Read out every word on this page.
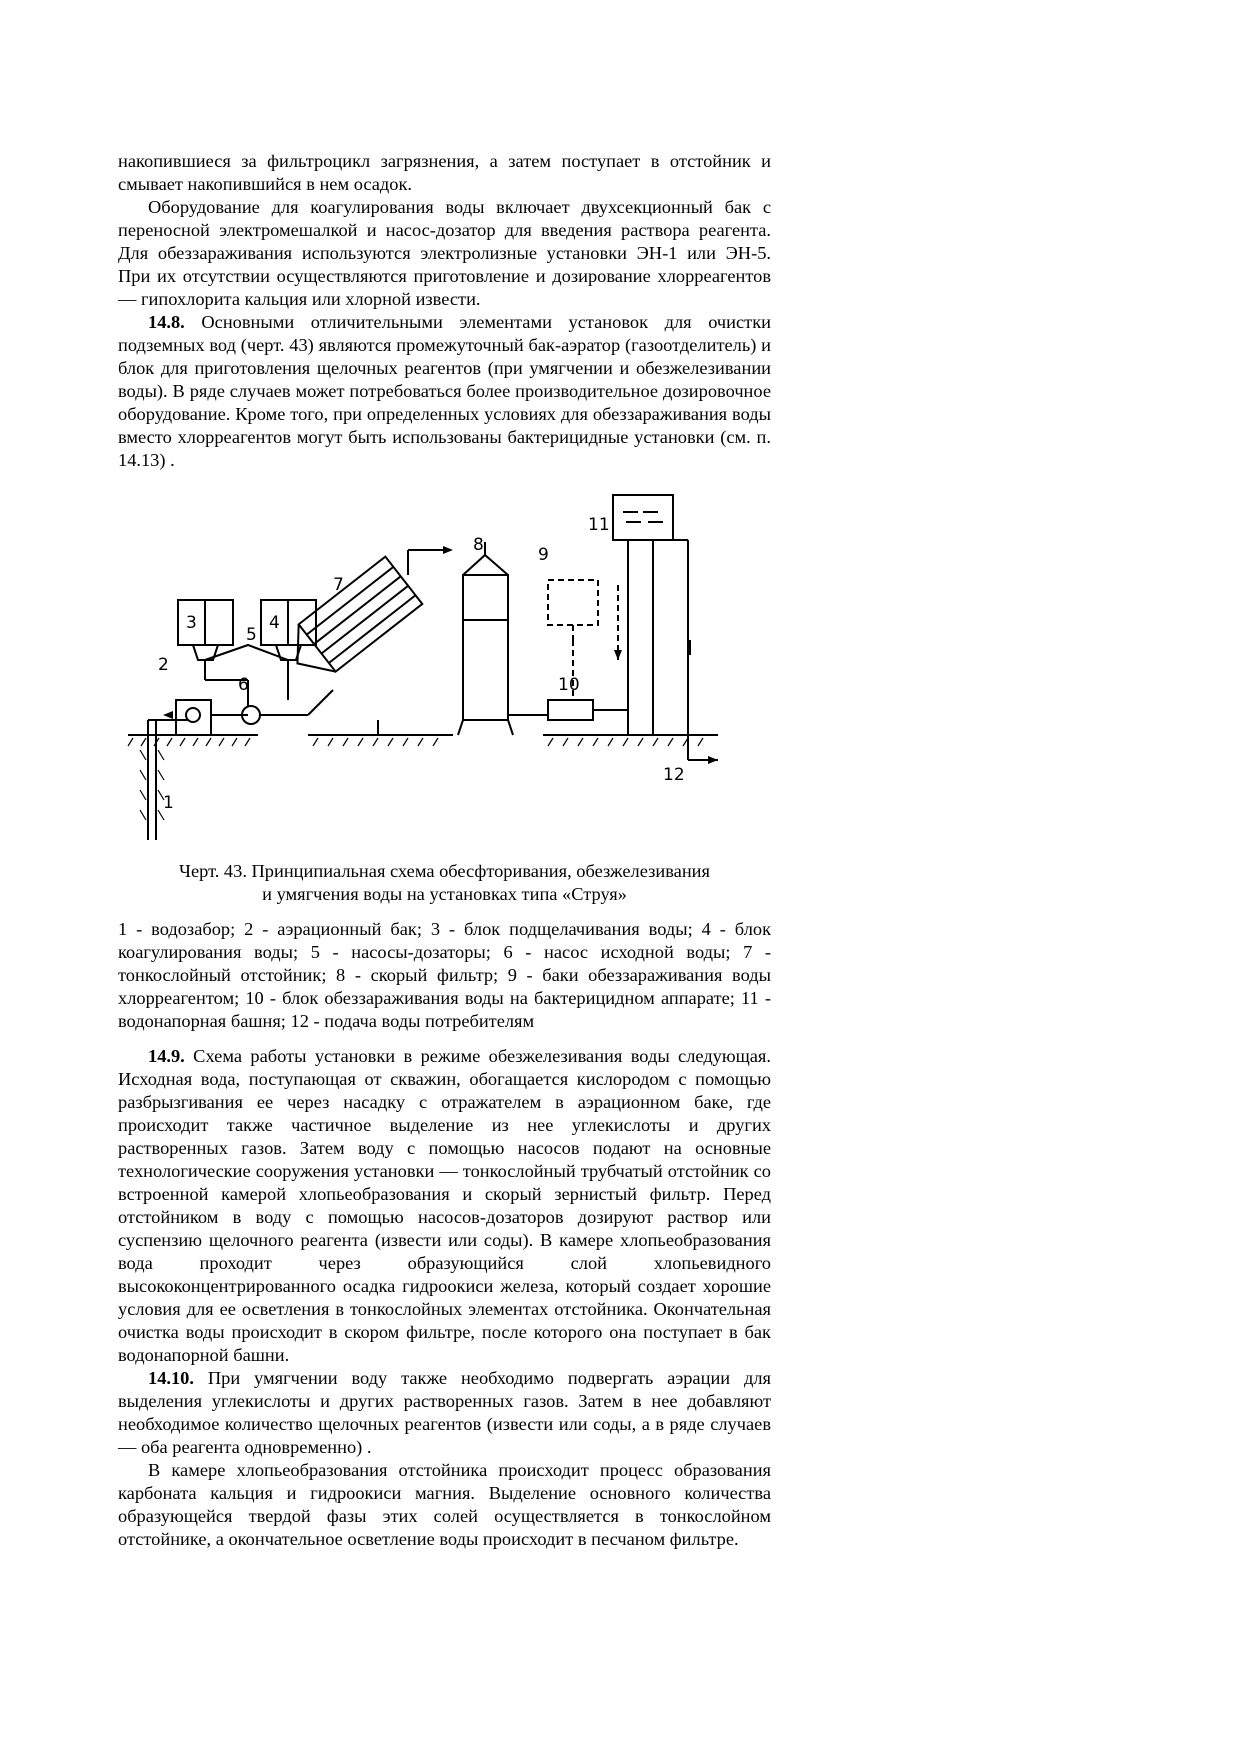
накопившиеся за фильтроцикл загрязнения, а затем поступает в отстойник и смывает накопившийся в нем осадок.

Оборудование для коагулирования воды включает двухсекционный бак с переносной электромешалкой и насос-дозатор для введения раствора реагента. Для обеззараживания используются электролизные установки ЭН-1 или ЭН-5. При их отсутствии осуществляются приготовление и дозирование хлорреагентов — гипохлорита кальция или хлорной извести.

14.8. Основными отличительными элементами установок для очистки подземных вод (черт. 43) являются промежуточный бак-аэратор (газоотделитель) и блок для приготовления щелочных реагентов (при умягчении и обезжелезивании воды). В ряде случаев может потребоваться более производительное дозировочное оборудование. Кроме того, при определенных условиях для обеззараживания воды вместо хлорреагентов могут быть использованы бактерицидные установки (см. п. 14.13) .

2
1
3	4
5
6
7
8	9
10
11
12

Черт. 43. Принципиальная схема обесфторивания, обезжелезивания
и умягчения воды на установках типа «Струя»

1 - водозабор; 2 - аэрационный бак; 3 - блок подщелачивания воды; 4 - блок коагулирования воды; 5 - насосы-дозаторы; 6 - насос исходной воды; 7 - тонкослойный отстойник; 8 - скорый фильтр; 9 - баки обеззараживания воды хлорреагентом; 10 - блок обеззараживания воды на бактерицидном аппарате; 11 - водонапорная башня; 12 - подача воды потребителям

14.9. Схема работы установки в режиме обезжелезивания воды следующая. Исходная вода, поступающая от скважин, обогащается кислородом с помощью разбрызгивания ее через насадку с отражателем в аэрационном баке, где происходит также частичное выделение из нее углекислоты и других растворенных газов. Затем воду с помощью насосов подают на основные технологические сооружения установки — тонкослойный трубчатый отстойник со встроенной камерой хлопьеобразования и скорый зернистый фильтр. Перед отстойником в воду с помощью насосов-дозаторов дозируют раствор или суспензию щелочного реагента (извести или соды). В камере хлопьеобразования вода проходит через образующийся слой хлопьевидного высококонцентрированного осадка гидроокиси железа, который создает хорошие условия для ее осветления в тонкослойных элементах отстойника. Окончательная очистка воды происходит в скором фильтре, после которого она поступает в бак водонапорной башни.

14.10. При умягчении воду также необходимо подвергать аэрации для выделения углекислоты и других растворенных газов. Затем в нее добавляют необходимое количество щелочных реагентов (извести или соды, а в ряде случаев — оба реагента одновременно) .

В камере хлопьеобразования отстойника происходит процесс образования карбоната кальция и гидроокиси магния. Выделение основного количества образующейся твердой фазы этих солей осуществляется в тонкослойном отстойнике, а окончательное осветление воды происходит в песчаном фильтре.
